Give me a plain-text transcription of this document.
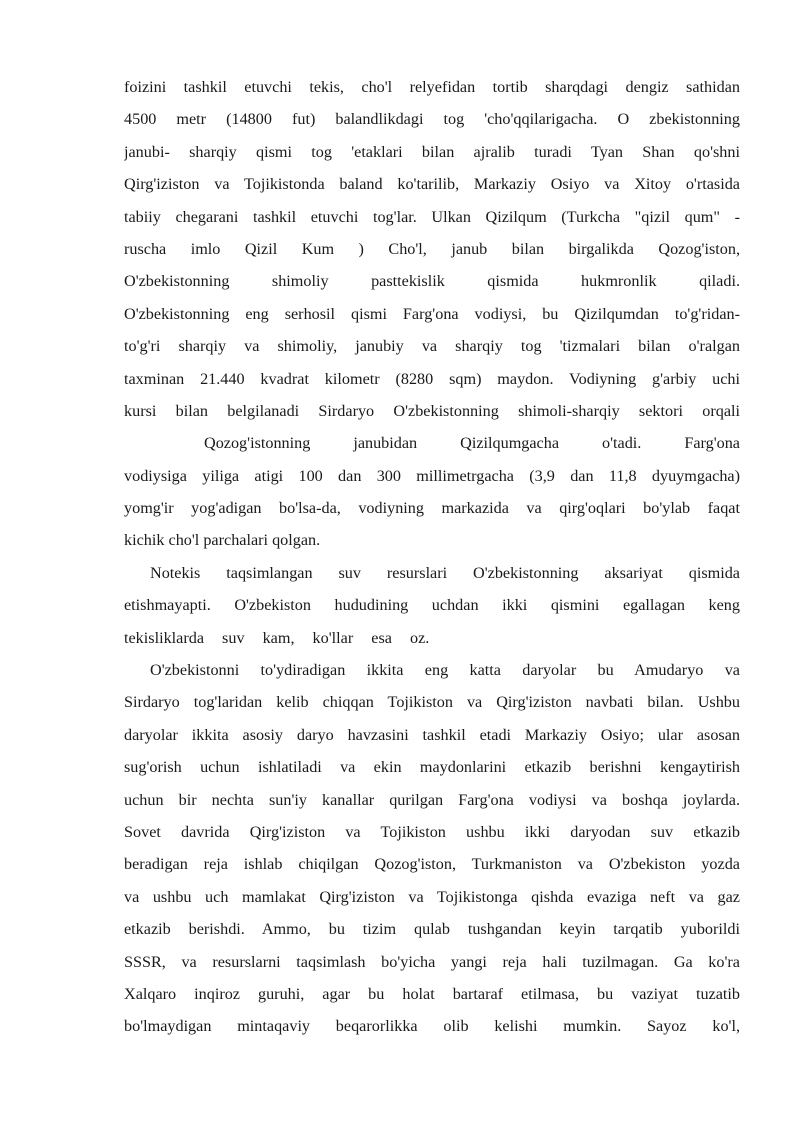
foizini tashkil etuvchi tekis, cho'l relyefidan tortib sharqdagi dengiz sathidan
4500 metr (14800 fut) balandlikdagi tog 'cho'qqilarigacha. O zbekistonning
janubi- sharqiy qismi tog 'etaklari bilan ajralib turadi Tyan Shan qo'shni
Qirg'iziston va Tojikistonda baland ko'tarilib, Markaziy Osiyo va Xitoy o'rtasida
tabiiy chegarani tashkil etuvchi tog'lar. Ulkan Qizilqum (Turkcha "qizil qum" -
ruscha imlo Qizil Kum ) Cho'l, janub bilan birgalikda Qozog'iston,
O'zbekistonning shimoliy pasttekislik qismida hukmronlik qiladi.
O'zbekistonning eng serhosil qismi Farg'ona vodiysi, bu Qizilqumdan to'g'ridan-
to'g'ri sharqiy va shimoliy, janubiy va sharqiy tog 'tizmalari bilan o'ralgan
taxminan 21.440 kvadrat kilometr (8280 sqm) maydon. Vodiyning g'arbiy uchi
kursi bilan belgilanadi Sirdaryo O'zbekistonning shimoli-sharqiy sektori orqali
Qozog'istonning janubidan Qizilqumgacha o'tadi. Farg'ona
vodiysiga yiliga atigi 100 dan 300 millimetrgacha (3,9 dan 11,8 dyuymgacha)
yomg'ir yog'adigan bo'lsa-da, vodiyning markazida va qirg'oqlari bo'ylab faqat
kichik cho'l parchalari qolgan.
Notekis taqsimlangan suv resurslari O'zbekistonning aksariyat qismida
etishmayapti. O'zbekiston hududining uchdan ikki qismini egallagan keng
tekisliklarda suv kam, ko'llar esa oz.
O'zbekistonni to'ydiradigan ikkita eng katta daryolar bu Amudaryo va
Sirdaryo tog'laridan kelib chiqqan Tojikiston va Qirg'iziston navbati bilan. Ushbu
daryolar ikkita asosiy daryo havzasini tashkil etadi Markaziy Osiyo; ular asosan
sug'orish uchun ishlatiladi va ekin maydonlarini etkazib berishni kengaytirish
uchun bir nechta sun'iy kanallar qurilgan Farg'ona vodiysi va boshqa joylarda.
Sovet davrida Qirg'iziston va Tojikiston ushbu ikki daryodan suv etkazib
beradigan reja ishlab chiqilgan Qozog'iston, Turkmaniston va O'zbekiston yozda
va ushbu uch mamlakat Qirg'iziston va Tojikistonga qishda evaziga neft va gaz
etkazib berishdi. Ammo, bu tizim qulab tushgandan keyin tarqatib yuborildi
SSSR, va resurslarni taqsimlash bo'yicha yangi reja hali tuzilmagan. Ga ko'ra
Xalqaro inqiroz guruhi, agar bu holat bartaraf etilmasa, bu vaziyat tuzatib
bo'lmaydigan mintaqaviy beqarorlikka olib kelishi mumkin. Sayoz ko'l,
